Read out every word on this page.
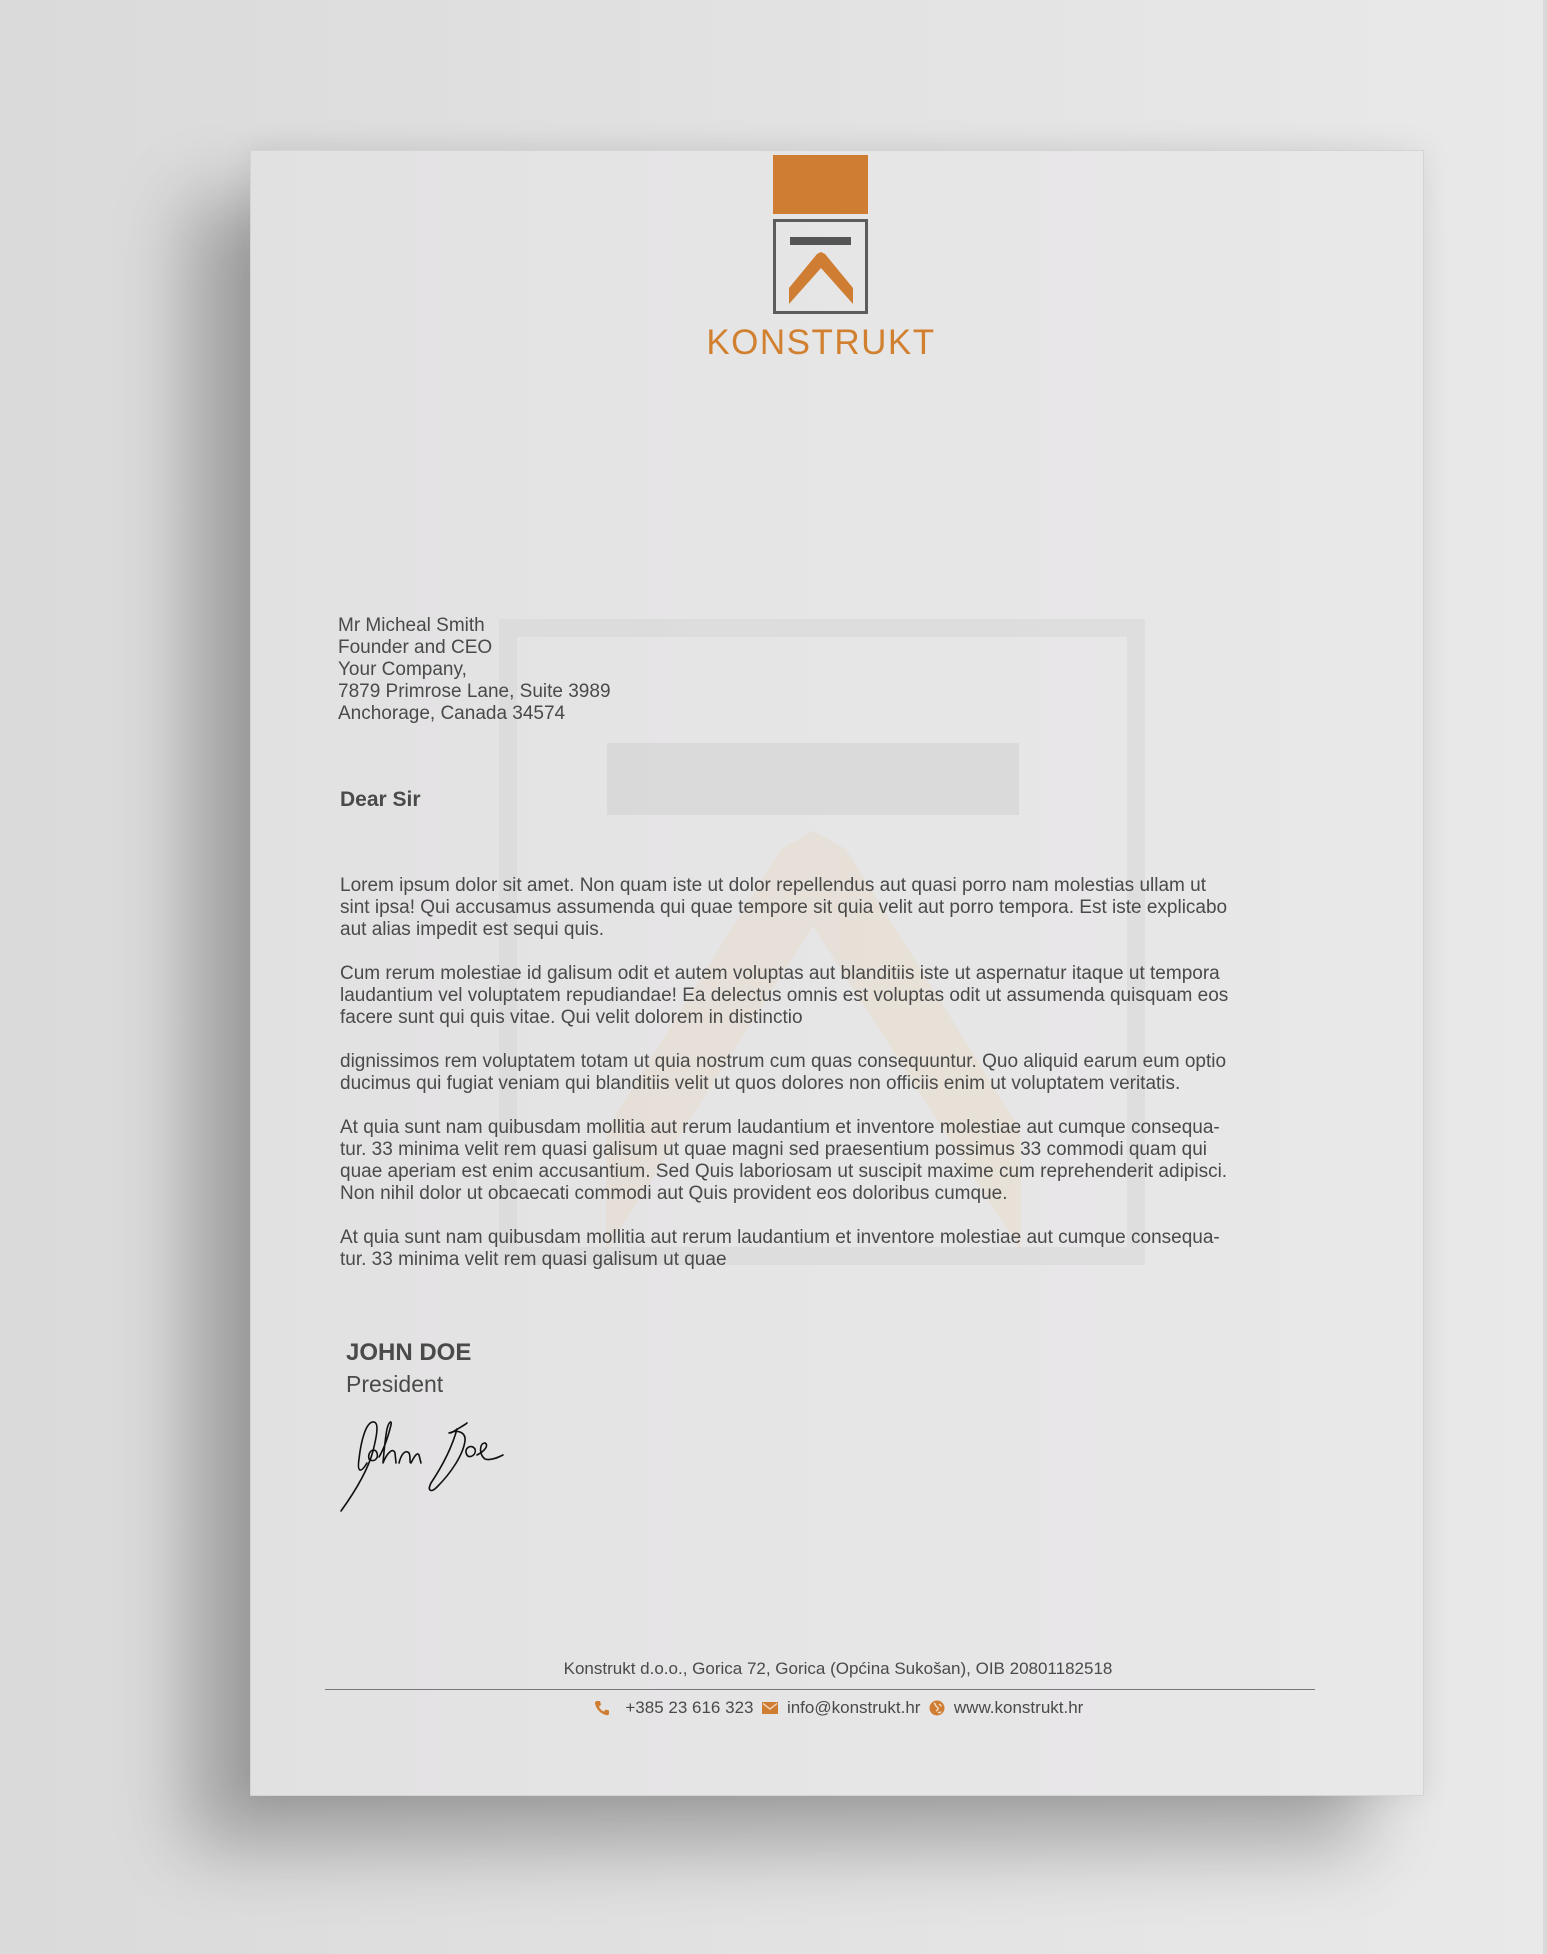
KONSTRUKT
Mr Micheal Smith
Founder and CEO
Your Company,
7879 Primrose Lane, Suite 3989
Anchorage, Canada 34574
Dear Sir

Lorem ipsum dolor sit amet. Non quam iste ut dolor repellendus aut quasi porro nam molestias ullam ut
sint ipsa! Qui accusamus assumenda qui quae tempore sit quia velit aut porro tempora. Est iste explicabo
aut alias impedit est sequi quis.

Cum rerum molestiae id galisum odit et autem voluptas aut blanditiis iste ut aspernatur itaque ut tempora
laudantium vel voluptatem repudiandae! Ea delectus omnis est voluptas odit ut assumenda quisquam eos
facere sunt qui quis vitae. Qui velit dolorem in distinctio

dignissimos rem voluptatem totam ut quia nostrum cum quas consequuntur. Quo aliquid earum eum optio
ducimus qui fugiat veniam qui blanditiis velit ut quos dolores non officiis enim ut voluptatem veritatis.

At quia sunt nam quibusdam mollitia aut rerum laudantium et inventore molestiae aut cumque consequa-
tur. 33 minima velit rem quasi galisum ut quae magni sed praesentium possimus 33 commodi quam qui
quae aperiam est enim accusantium. Sed Quis laboriosam ut suscipit maxime cum reprehenderit adipisci.
Non nihil dolor ut obcaecati commodi aut Quis provident eos doloribus cumque.

At quia sunt nam quibusdam mollitia aut rerum laudantium et inventore molestiae aut cumque consequa-
tur. 33 minima velit rem quasi galisum ut quae

JOHN DOE
President
Konstrukt d.o.o., Gorica 72, Gorica (Općina Sukošan), OIB 20801182518
+385 23 616 323 info@konstrukt.hr www.konstrukt.hr
